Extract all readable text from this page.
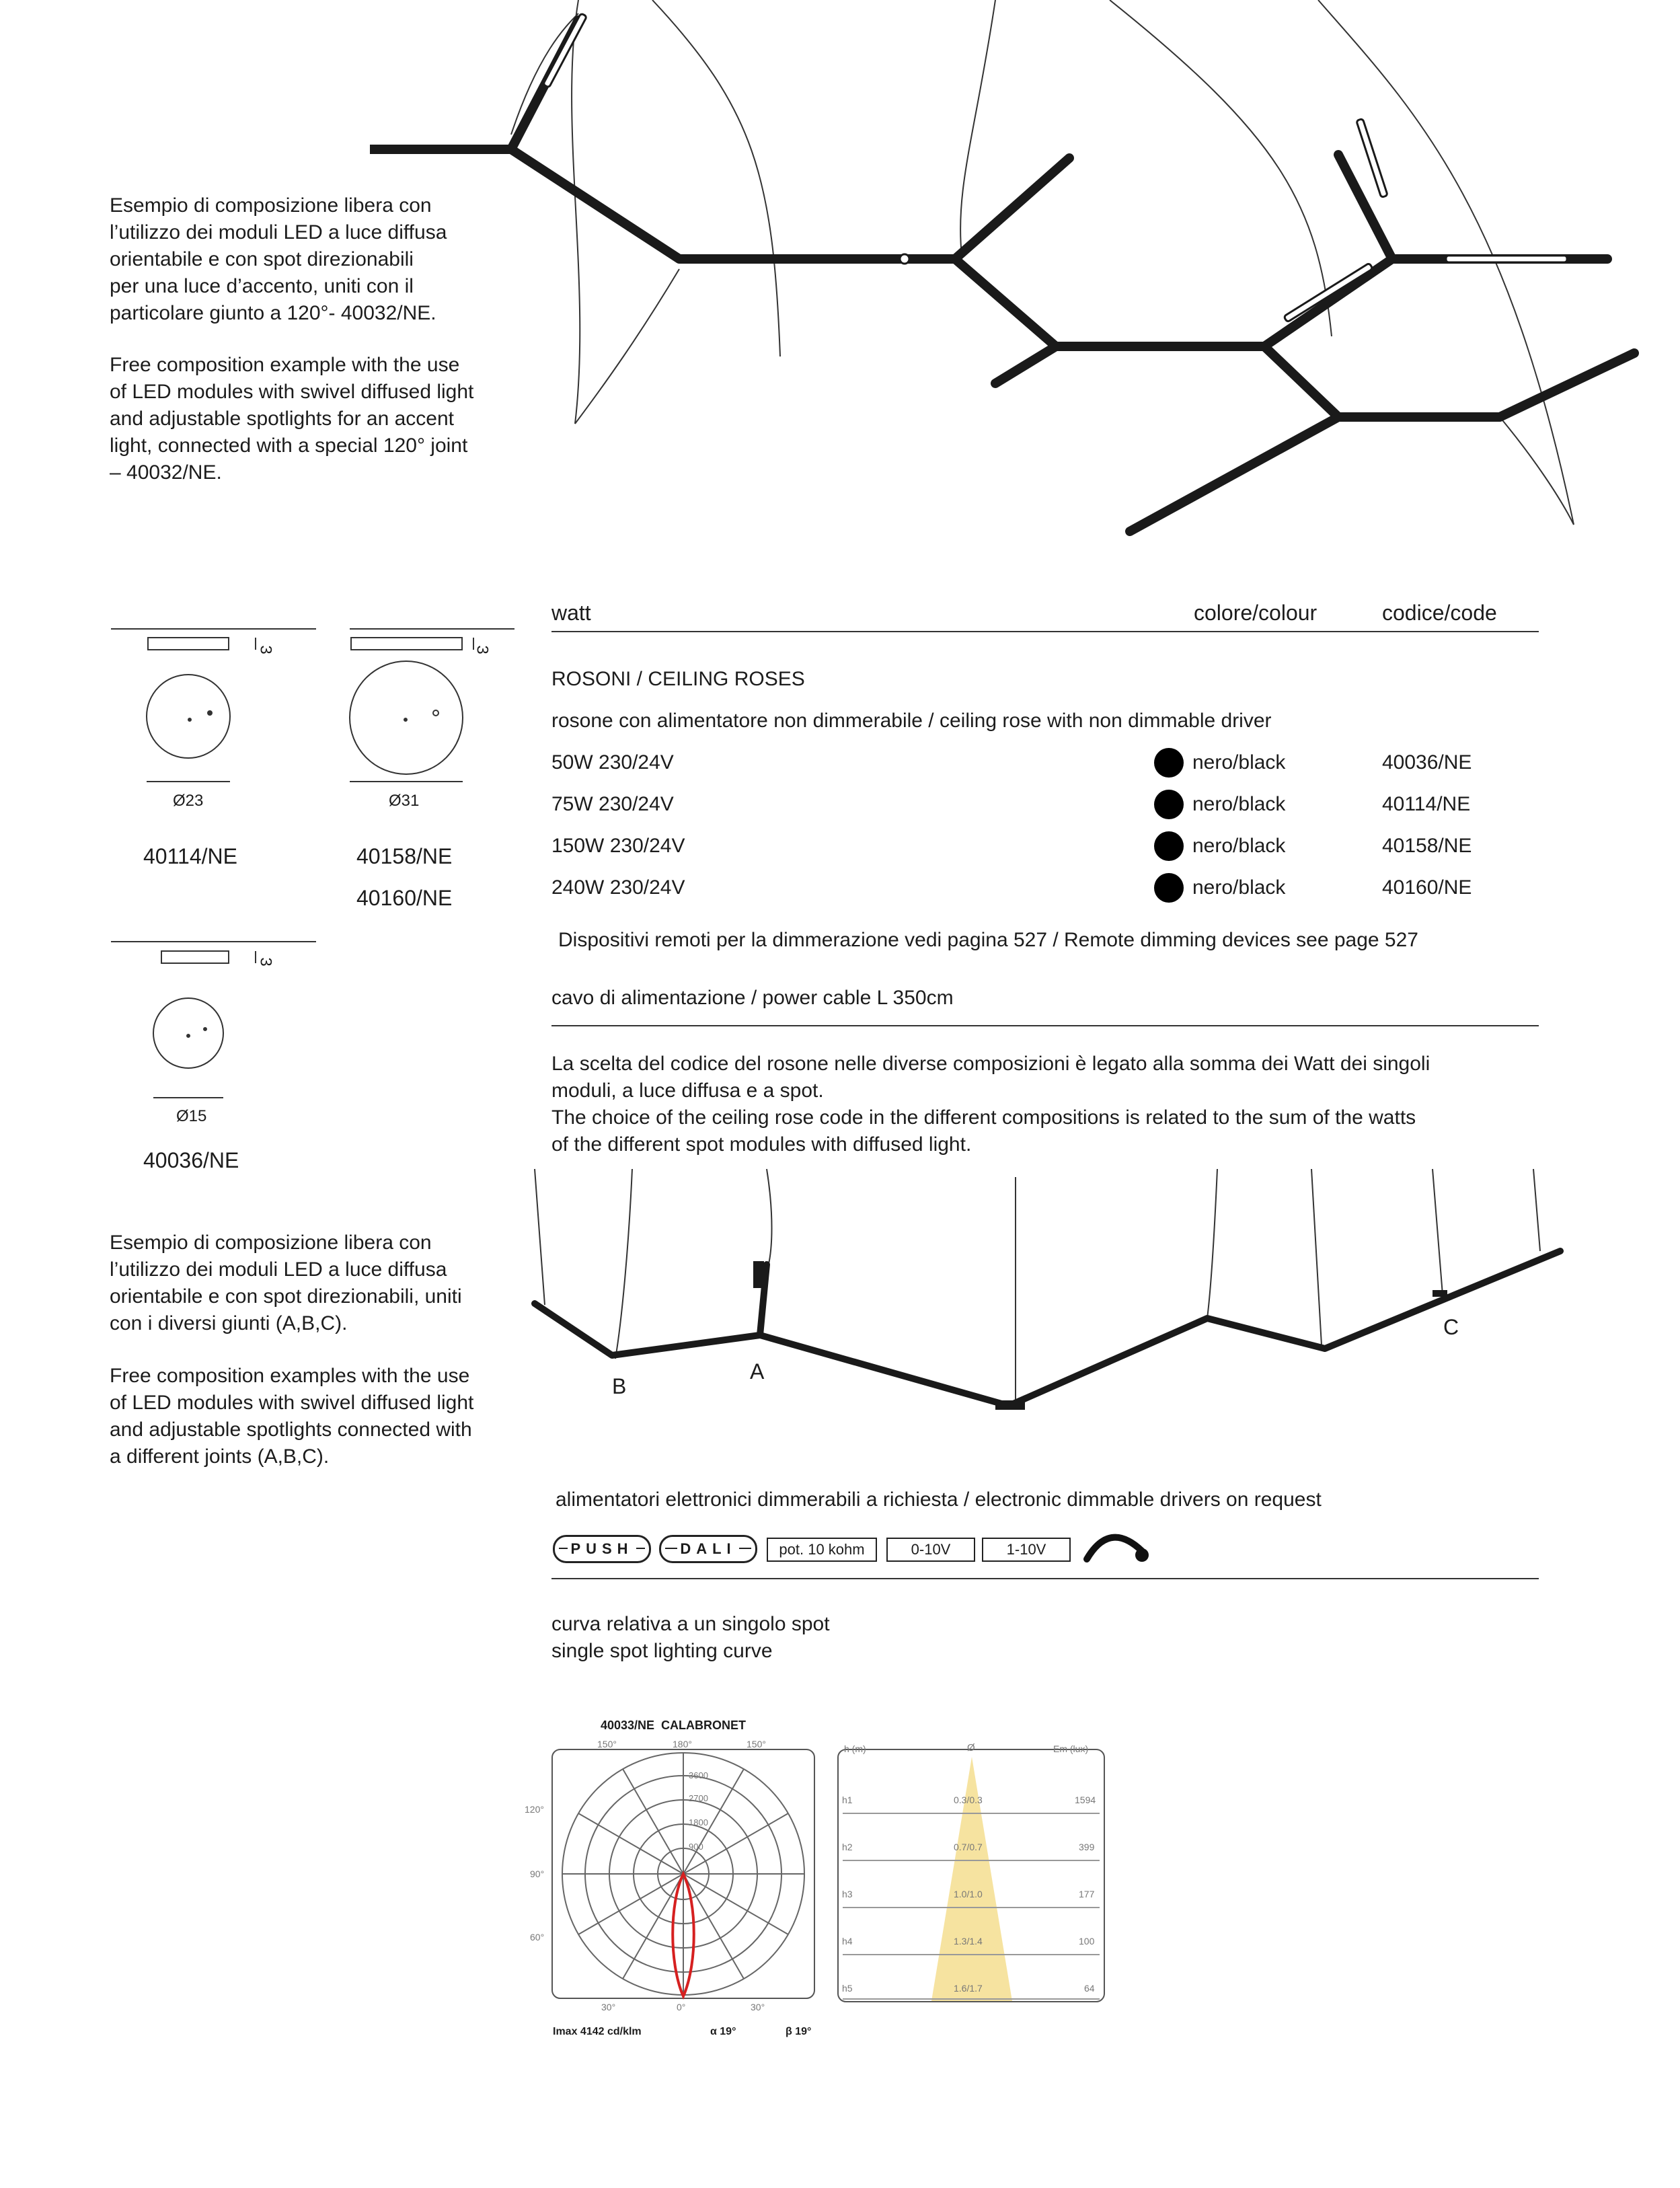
Esempio di composizione libera con
l’utilizzo dei moduli LED a luce diffusa
orientabile e con spot direzionabili
per una luce d’accento, uniti con il
particolare giunto a 120°- 40032/NE.
Free composition example with the use
of LED modules with swivel diffused light
and adjustable spotlights for an accent
light, connected with a special 120° joint
– 40032/NE.
3	3
3
Ø23	Ø31
Ø15
40114/NE	40158/NE
40160/NE
40036/NE
watt	colore/colour	codice/code
ROSONI / CEILING ROSES
rosone con alimentatore non dimmerabile / ceiling rose with non dimmable driver
50W 230/24V	nero/black	40036/NE
75W 230/24V	nero/black	40114/NE
150W 230/24V	nero/black	40158/NE
240W 230/24V	nero/black	40160/NE
Dispositivi remoti per la dimmerazione vedi pagina 527 / Remote dimming devices see page 527
cavo di alimentazione / power cable L 350cm
La scelta del codice del rosone nelle diverse composizioni è legato alla somma dei Watt dei singoli
moduli, a luce diffusa e a spot.
The choice of the ceiling rose code in the different compositions is related to the sum of the watts
of the different spot modules with diffused light.
Esempio di composizione libera con
l’utilizzo dei moduli LED a luce diffusa
orientabile e con spot direzionabili, uniti
con i diversi giunti (A,B,C).
Free composition examples with the use
of LED modules with swivel diffused light
and adjustable spotlights connected with
a different joints (A,B,C).
A
B
C
alimentatori elettronici dimmerabili a richiesta / electronic dimmable drivers on request
PUSH	DALI	pot. 10 kohm	0-10V	1-10V
curva relativa a un singolo spot
single spot lighting curve
40033/NE  CALABRONET
150°	180°	150°
120°
90°
60°
30°	0°	30°
3600
2700
1800
900
Imax 4142 cd/klm	α 19°	β 19°
h (m)	Ø	Em (lux)
h1	0.3/0.3	1594
h2	0.7/0.7	399
h3	1.0/1.0	177
h4	1.3/1.4	100
h5	1.6/1.7	64
